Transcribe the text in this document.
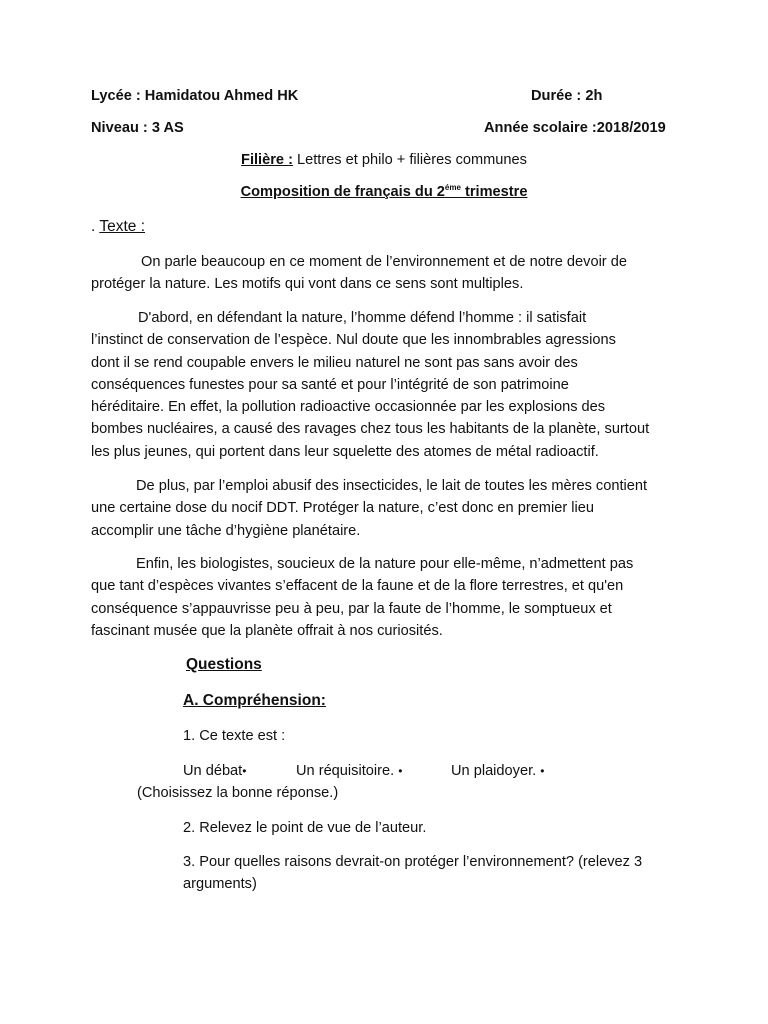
Lycée : Hamidatou Ahmed HK	Durée : 2h
Niveau : 3 AS	Année scolaire :2018/2019
Filière : Lettres et philo + filières communes
Composition de français du $2^{éme}$ trimestre
. Texte :
On parle beaucoup en ce moment de l’environnement et de notre devoir de
protéger la nature. Les motifs qui vont dans ce sens sont multiples.
D'abord, en défendant la nature, l’homme défend l’homme : il satisfait
l’instinct de conservation de l’espèce. Nul doute que les innombrables agressions
dont il se rend coupable envers le milieu naturel ne sont pas sans avoir des
conséquences funestes pour sa santé et pour l’intégrité de son patrimoine
héréditaire. En effet, la pollution radioactive occasionnée par les explosions des
bombes nucléaires, a causé des ravages chez tous les habitants de la planète, surtout
les plus jeunes, qui portent dans leur squelette des atomes de métal radioactif.
De plus, par l’emploi abusif des insecticides, le lait de toutes les mères contient
une certaine dose du nocif DDT. Protéger la nature, c’est donc en premier lieu
accomplir une tâche d’hygiène planétaire.
Enfin, les biologistes, soucieux de la nature pour elle-même, n’admettent pas
que tant d’espèces vivantes s’effacent de la faune et de la flore terrestres, et qu'en
conséquence s’appauvrisse peu à peu, par la faute de l’homme, le somptueux et
fascinant musée que la planète offrait à nos curiosités.
Questions
A. Compréhension:
1. Ce texte est :
Un débat•	Un réquisitoire. •	Un plaidoyer. •
(Choisissez la bonne réponse.)
2. Relevez le point de vue de l’auteur.
3. Pour quelles raisons devrait-on protéger l’environnement? (relevez 3
arguments)
